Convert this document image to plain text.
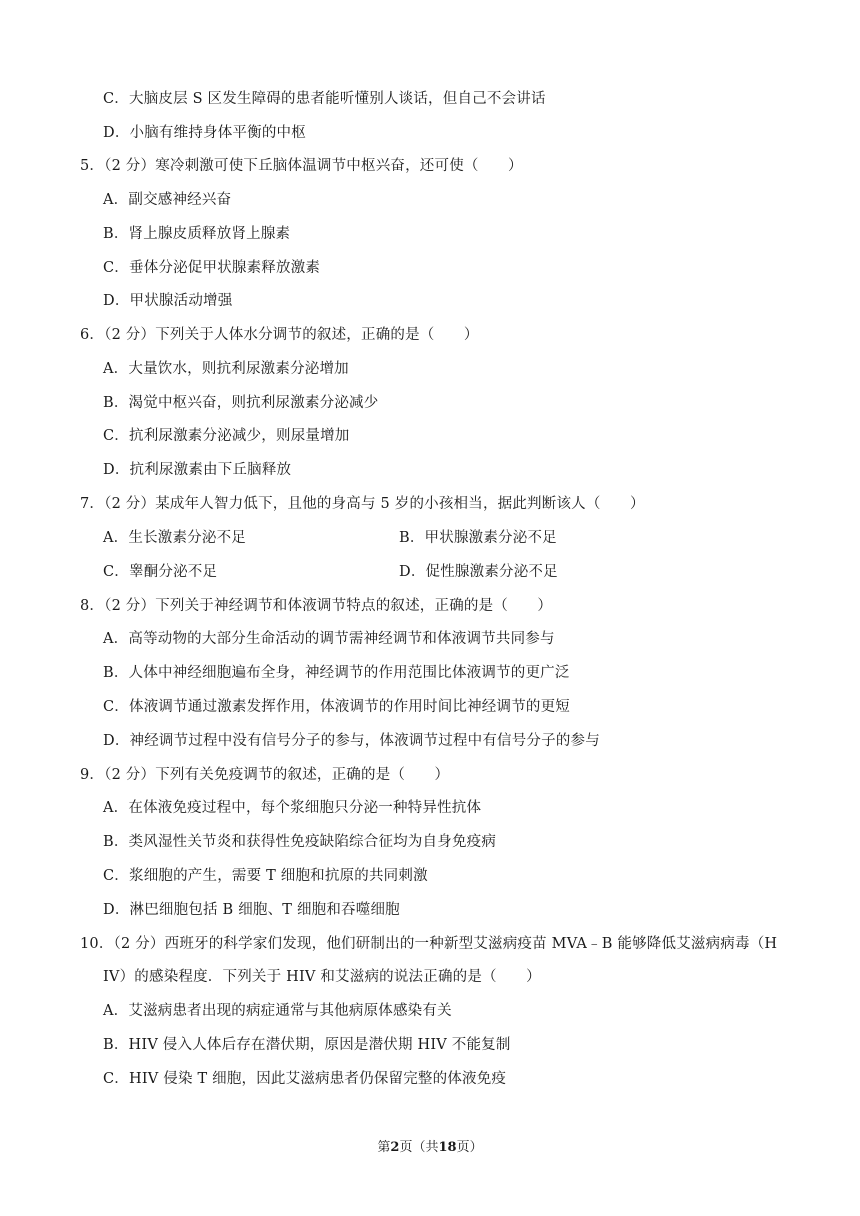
C．大脑皮层 S 区发生障碍的患者能听懂别人谈话，但自己不会讲话
D．小脑有维持身体平衡的中枢
5．（2 分）寒冷刺激可使下丘脑体温调节中枢兴奋，还可使（　　）
A．副交感神经兴奋
B．肾上腺皮质释放肾上腺素
C．垂体分泌促甲状腺素释放激素
D．甲状腺活动增强
6．（2 分）下列关于人体水分调节的叙述，正确的是（　　）
A．大量饮水，则抗利尿激素分泌增加
B．渴觉中枢兴奋，则抗利尿激素分泌减少
C．抗利尿激素分泌减少，则尿量增加
D．抗利尿激素由下丘脑释放
7．（2 分）某成年人智力低下，且他的身高与 5 岁的小孩相当，据此判断该人（　　）
A．生长激素分泌不足	B．甲状腺激素分泌不足
C．睾酮分泌不足	D．促性腺激素分泌不足
8．（2 分）下列关于神经调节和体液调节特点的叙述，正确的是（　　）
A．高等动物的大部分生命活动的调节需神经调节和体液调节共同参与
B．人体中神经细胞遍布全身，神经调节的作用范围比体液调节的更广泛
C．体液调节通过激素发挥作用，体液调节的作用时间比神经调节的更短
D．神经调节过程中没有信号分子的参与，体液调节过程中有信号分子的参与
9．（2 分）下列有关免疫调节的叙述，正确的是（　　）
A．在体液免疫过程中，每个浆细胞只分泌一种特异性抗体
B．类风湿性关节炎和获得性免疫缺陷综合征均为自身免疫病
C．浆细胞的产生，需要 T 细胞和抗原的共同刺激
D．淋巴细胞包括 B 细胞、T 细胞和吞噬细胞
10．（2 分）西班牙的科学家们发现，他们研制出的一种新型艾滋病疫苗 MVA﹣B 能够降低艾滋病病毒（H
IV）的感染程度．下列关于 HIV 和艾滋病的说法正确的是（　　）
A．艾滋病患者出现的病症通常与其他病原体感染有关
B．HIV 侵入人体后存在潜伏期，原因是潜伏期 HIV 不能复制
C．HIV 侵染 T 细胞，因此艾滋病患者仍保留完整的体液免疫
第2页（共18页）
